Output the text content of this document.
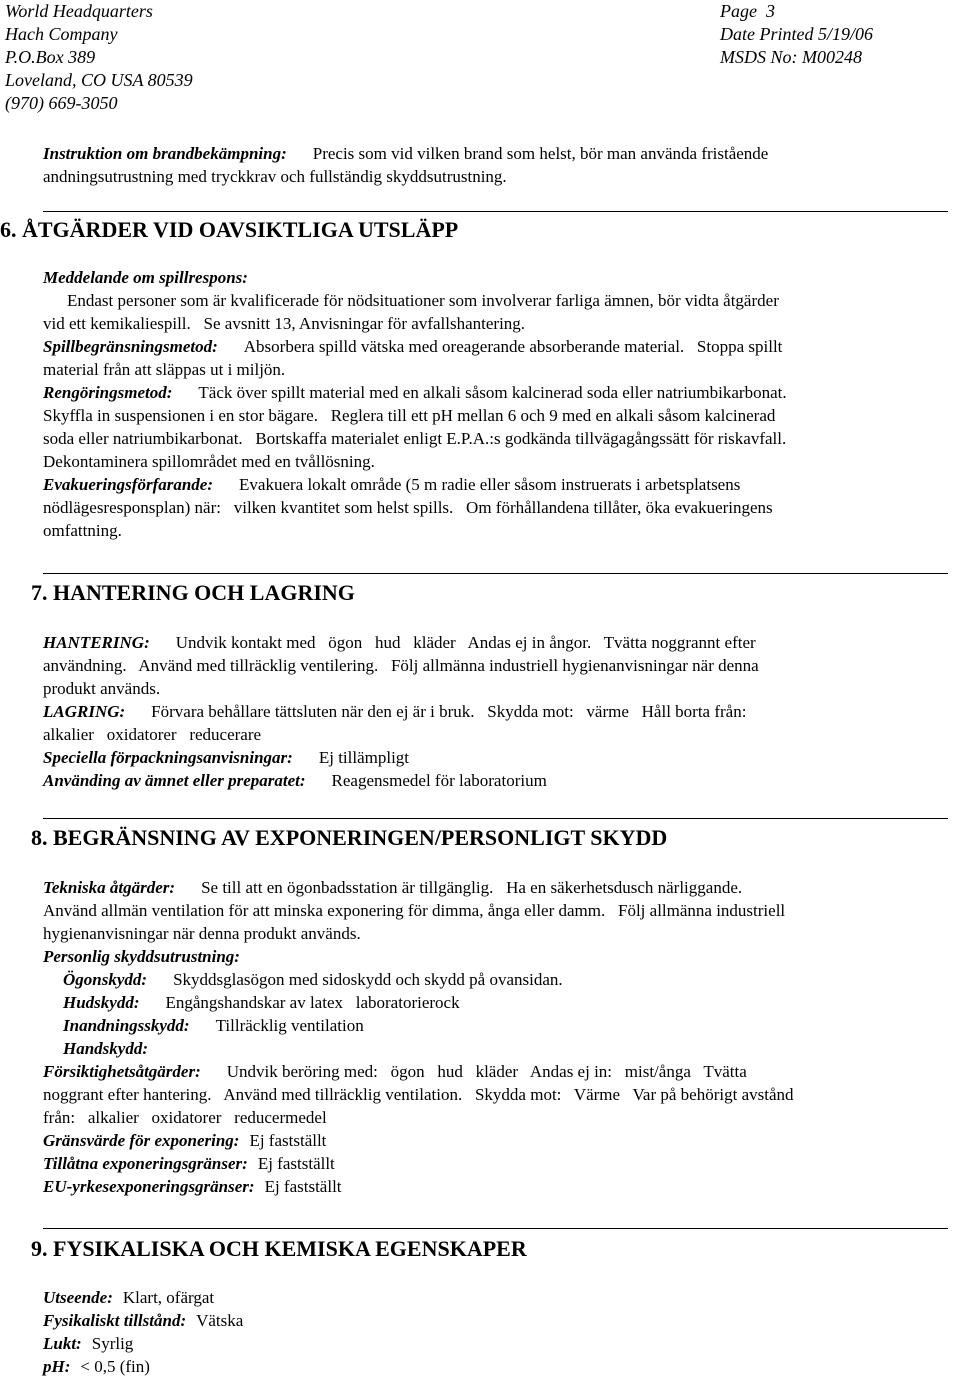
World Headquarters
Hach Company
P.O.Box 389
Loveland, CO USA 80539
(970) 669-3050
Page  3
Date Printed 5/19/06
MSDS No: M00248
Instruktion om brandbekämpning: Precis som vid vilken brand som helst, bör man använda fristående
andningsutrustning med tryckkrav och fullständig skyddsutrustning.
6. ÅTGÄRDER VID OAVSIKTLIGA UTSLÄPP
Meddelande om spillrespons:
Endast personer som är kvalificerade för nödsituationer som involverar farliga ämnen, bör vidta åtgärder
vid ett kemikaliespill.   Se avsnitt 13, Anvisningar för avfallshantering.
Spillbegränsningsmetod: Absorbera spilld vätska med oreagerande absorberande material.   Stoppa spillt
material från att släppas ut i miljön.
Rengöringsmetod: Täck över spillt material med en alkali såsom kalcinerad soda eller natriumbikarbonat.
Skyffla in suspensionen i en stor bägare.   Reglera till ett pH mellan 6 och 9 med en alkali såsom kalcinerad
soda eller natriumbikarbonat.   Bortskaffa materialet enligt E.P.A.:s godkända tillvägagångssätt för riskavfall.
Dekontaminera spillområdet med en tvållösning.
Evakueringsförfarande: Evakuera lokalt område (5 m radie eller såsom instruerats i arbetsplatsens
nödlägesresponsplan) när:   vilken kvantitet som helst spills.   Om förhållandena tillåter, öka evakueringens
omfattning.
7. HANTERING OCH LAGRING
HANTERING: Undvik kontakt med   ögon   hud   kläder   Andas ej in ångor.   Tvätta noggrannt efter
användning.   Använd med tillräcklig ventilering.   Följ allmänna industriell hygienanvisningar när denna
produkt används.
LAGRING: Förvara behållare tättsluten när den ej är i bruk.   Skydda mot:   värme   Håll borta från:
alkalier   oxidatorer   reducerare
Speciella förpackningsanvisningar: Ej tillämpligt
Använding av ämnet eller preparatet: Reagensmedel för laboratorium
8. BEGRÄNSNING AV EXPONERINGEN/PERSONLIGT SKYDD
Tekniska åtgärder: Se till att en ögonbadsstation är tillgänglig.   Ha en säkerhetsdusch närliggande.
Använd allmän ventilation för att minska exponering för dimma, ånga eller damm.   Följ allmänna industriell
hygienanvisningar när denna produkt används.
Personlig skyddsutrustning:
Ögonskydd: Skyddsglasögon med sidoskydd och skydd på ovansidan.
Hudskydd: Engångshandskar av latex   laboratorierock
Inandningsskydd: Tillräcklig ventilation
Handskydd:
Försiktighetsåtgärder: Undvik beröring med:   ögon   hud   kläder   Andas ej in:   mist/ånga   Tvätta
noggrant efter hantering.   Använd med tillräcklig ventilation.   Skydda mot:   Värme   Var på behörigt avstånd
från:   alkalier   oxidatorer   reducermedel
Gränsvärde för exponering: Ej fastställt
Tillåtna exponeringsgränser: Ej fastställt
EU-yrkesexponeringsgränser: Ej fastställt
9. FYSIKALISKA OCH KEMISKA EGENSKAPER
Utseende: Klart, ofärgat
Fysikaliskt tillstånd: Vätska
Lukt: Syrlig
pH: < 0,5 (fin)
